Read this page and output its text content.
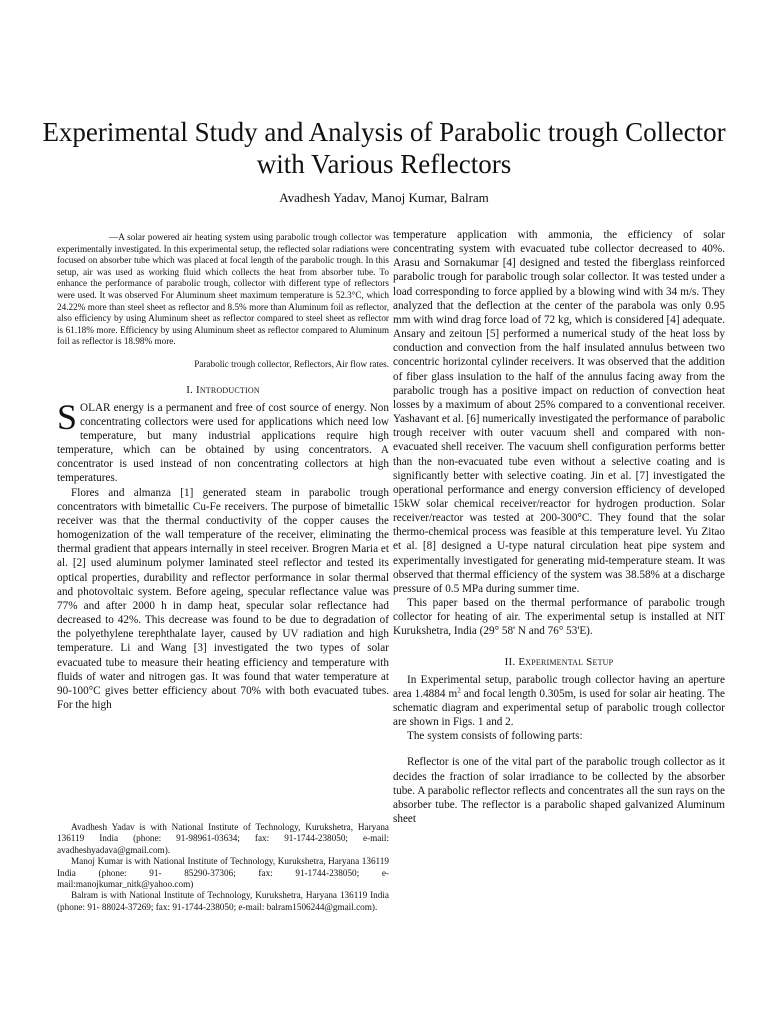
Experimental Study and Analysis of Parabolic trough Collector with Various Reflectors

Avadhesh Yadav, Manoj Kumar, Balram

—A solar powered air heating system using parabolic trough collector was experimentally investigated. In this experimental setup, the reflected solar radiations were focused on absorber tube which was placed at focal length of the parabolic trough. In this setup, air was used as working fluid which collects the heat from absorber tube. To enhance the performance of parabolic trough, collector with different type of reflectors were used. It was observed For Aluminum sheet maximum temperature is 52.3°C, which 24.22% more than steel sheet as reflector and 8.5% more than Aluminum foil as reflector, also efficiency by using Aluminum sheet as reflector compared to steel sheet as reflector is 61.18% more. Efficiency by using Aluminum sheet as reflector compared to Aluminum foil as reflector is 18.98% more.

Parabolic trough collector, Reflectors, Air flow rates.

I. Introduction

SOLAR energy is a permanent and free of cost source of energy. Non concentrating collectors were used for applications which need low temperature, but many industrial applications require high temperature, which can be obtained by using concentrators. A concentrator is used instead of non concentrating collectors at high temperatures.

Flores and almanza [1] generated steam in parabolic trough concentrators with bimetallic Cu-Fe receivers. The purpose of bimetallic receiver was that the thermal conductivity of the copper causes the homogenization of the wall temperature of the receiver, eliminating the thermal gradient that appears internally in steel receiver. Brogren Maria et al. [2] used aluminum polymer laminated steel reflector and tested its optical properties, durability and reflector performance in solar thermal and photovoltaic system. Before ageing, specular reflectance value was 77% and after 2000 h in damp heat, specular solar reflectance had decreased to 42%. This decrease was found to be due to degradation of the polyethylene terephthalate layer, caused by UV radiation and high temperature. Li and Wang [3] investigated the two types of solar evacuated tube to measure their heating efficiency and temperature with fluids of water and nitrogen gas. It was found that water temperature at 90-100°C gives better efficiency about 70% with both evacuated tubes. For the high

Avadhesh Yadav is with National Institute of Technology, Kurukshetra, Haryana 136119 India (phone: 91-98961-03634; fax: 91-1744-238050; e-mail: avadheshyadava@gmail.com).

Manoj Kumar is with National Institute of Technology, Kurukshetra, Haryana 136119 India (phone: 91- 85290-37306; fax: 91-1744-238050; e-mail:manojkumar_nitk@yahoo.com)

Balram is with National Institute of Technology, Kurukshetra, Haryana 136119 India (phone: 91- 88024-37269; fax: 91-1744-238050; e-mail: balram1506244@gmail.com).

temperature application with ammonia, the efficiency of solar concentrating system with evacuated tube collector decreased to 40%. Arasu and Sornakumar [4] designed and tested the fiberglass reinforced parabolic trough for parabolic trough solar collector. It was tested under a load corresponding to force applied by a blowing wind with 34 m/s. They analyzed that the deflection at the center of the parabola was only 0.95 mm with wind drag force load of 72 kg, which is considered [4] adequate. Ansary and zeitoun [5] performed a numerical study of the heat loss by conduction and convection from the half insulated annulus between two concentric horizontal cylinder receivers. It was observed that the addition of fiber glass insulation to the half of the annulus facing away from the parabolic trough has a positive impact on reduction of convection heat losses by a maximum of about 25% compared to a conventional receiver. Yashavant et al. [6] numerically investigated the performance of parabolic trough receiver with outer vacuum shell and compared with non-evacuated shell receiver. The vacuum shell configuration performs better than the non-evacuated tube even without a selective coating and is significantly better with selective coating. Jin et al. [7] investigated the operational performance and energy conversion efficiency of developed 15kW solar chemical receiver/reactor for hydrogen production. Solar receiver/reactor was tested at 200-300°C. They found that the solar thermo-chemical process was feasible at this temperature level. Yu Zitao et al. [8] designed a U-type natural circulation heat pipe system and experimentally investigated for generating mid-temperature steam. It was observed that thermal efficiency of the system was 38.58% at a discharge pressure of 0.5 MPa during summer time.

This paper based on the thermal performance of parabolic trough collector for heating of air. The experimental setup is installed at NIT Kurukshetra, India (29° 58' N and 76° 53'E).

II. Experimental Setup

In Experimental setup, parabolic trough collector having an aperture area 1.4884 $m^2$ and focal length 0.305m, is used for solar air heating. The schematic diagram and experimental setup of parabolic trough collector are shown in Figs. 1 and 2.

The system consists of following parts:

Reflector is one of the vital part of the parabolic trough collector as it decides the fraction of solar irradiance to be collected by the absorber tube. A parabolic reflector reflects and concentrates all the sun rays on the absorber tube. The reflector is a parabolic shaped galvanized Aluminum sheet
